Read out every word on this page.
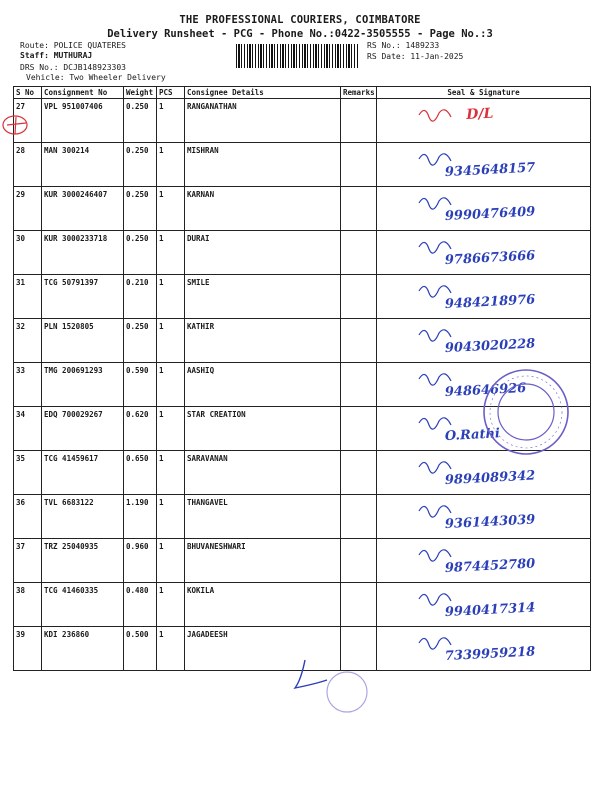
THE PROFESSIONAL COURIERS, COIMBATORE
Delivery Runsheet - PCG - Phone No.:0422-3505555 - Page No.:3
Route: POLICE QUATERES
Staff: MUTHURAJ
DRS No.: DCJB148923303
Vehicle: Two Wheeler Delivery
RS No.: 1489233
RS Date: 11-Jan-2025
S No	Consignment No	Weight	PCS	Consignee Details	Remarks	Seal & Signature
27	VPL 951007406	0.250	1	RANGANATHAN		D/L

28	MAN 300214	0.250	1	MISHRAN		9345648157

29	KUR 3000246407	0.250	1	KARNAN		9990476409

30	KUR 3000233718	0.250	1	DURAI		9786673666

31	TCG 50791397	0.210	1	SMILE		9484218976

32	PLN 1520805	0.250	1	KATHIR		9043020228

33	TMG 200691293	0.590	1	AASHIQ		948646926

34	EDQ 700029267	0.620	1	STAR CREATION		O.Rathi

35	TCG 41459617	0.650	1	SARAVANAN		9894089342

36	TVL 6683122	1.190	1	THANGAVEL		9361443039

37	TRZ 25040935	0.960	1	BHUVANESHWARI		9874452780

38	TCG 41460335	0.480	1	KOKILA		9940417314

39	KDI 236860	0.500	1	JAGADEESH		7339959218
